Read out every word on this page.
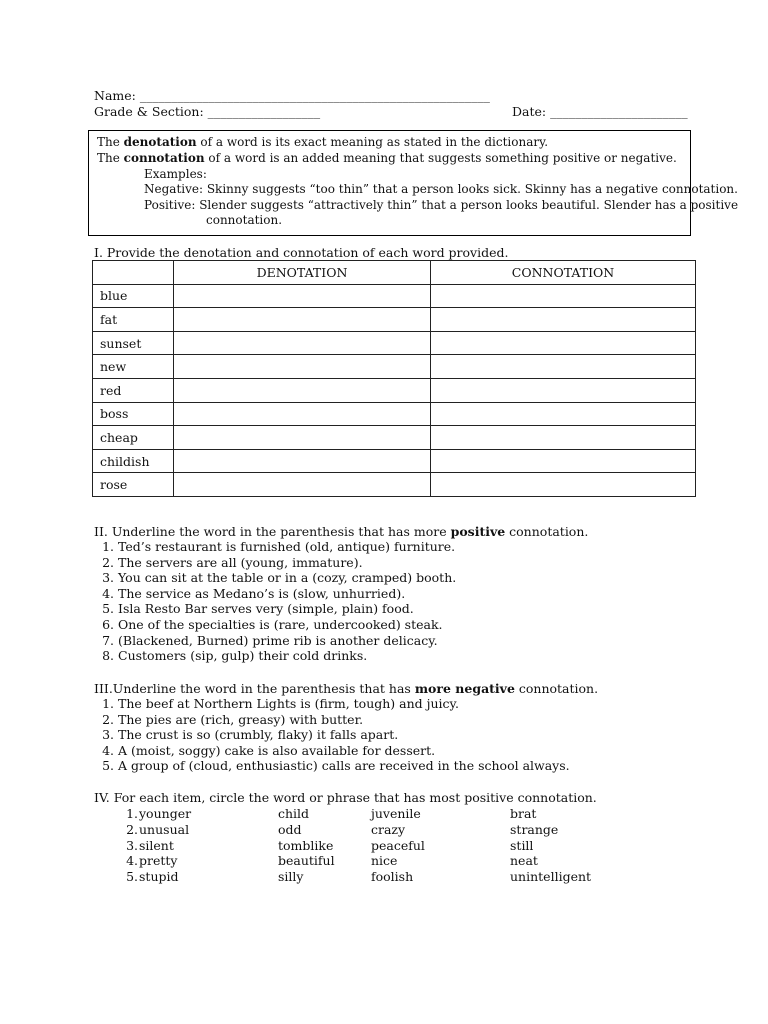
Name: ________________________________________________________
Grade & Section: __________________	Date: ______________________
The denotation of a word is its exact meaning as stated in the dictionary.
The connotation of a word is an added meaning that suggests something positive or negative.
Examples:
Negative: Skinny suggests “too thin” that a person looks sick. Skinny has a negative connotation.
Positive: Slender suggests “attractively thin” that a person looks beautiful. Slender has a positive
connotation.
I. Provide the denotation and connotation of each word provided.
	DENOTATION	CONNOTATION
blue		
fat		
sunset		
new		
red		
boss		
cheap		
childish		
rose		
II. Underline the word in the parenthesis that has more positive connotation.
1. Ted’s restaurant is furnished (old, antique) furniture.
2. The servers are all (young, immature).
3. You can sit at the table or in a (cozy, cramped) booth.
4. The service as Medano’s is (slow, unhurried).
5. Isla Resto Bar serves very (simple, plain) food.
6. One of the specialties is (rare, undercooked) steak.
7. (Blackened, Burned) prime rib is another delicacy.
8. Customers (sip, gulp) their cold drinks.
III.Underline the word in the parenthesis that has more negative connotation.
1. The beef at Northern Lights is (firm, tough) and juicy.
2. The pies are (rich, greasy) with butter.
3. The crust is so (crumbly, flaky) it falls apart.
4. A (moist, soggy) cake is also available for dessert.
5. A group of (cloud, enthusiastic) calls are received in the school always.
IV. For each item, circle the word or phrase that has most positive connotation.
1. younger	child	juvenile	brat
2. unusual	odd	crazy	strange
3. silent	tomblike	peaceful	still
4. pretty	beautiful	nice	neat
5. stupid	silly	foolish	unintelligent
